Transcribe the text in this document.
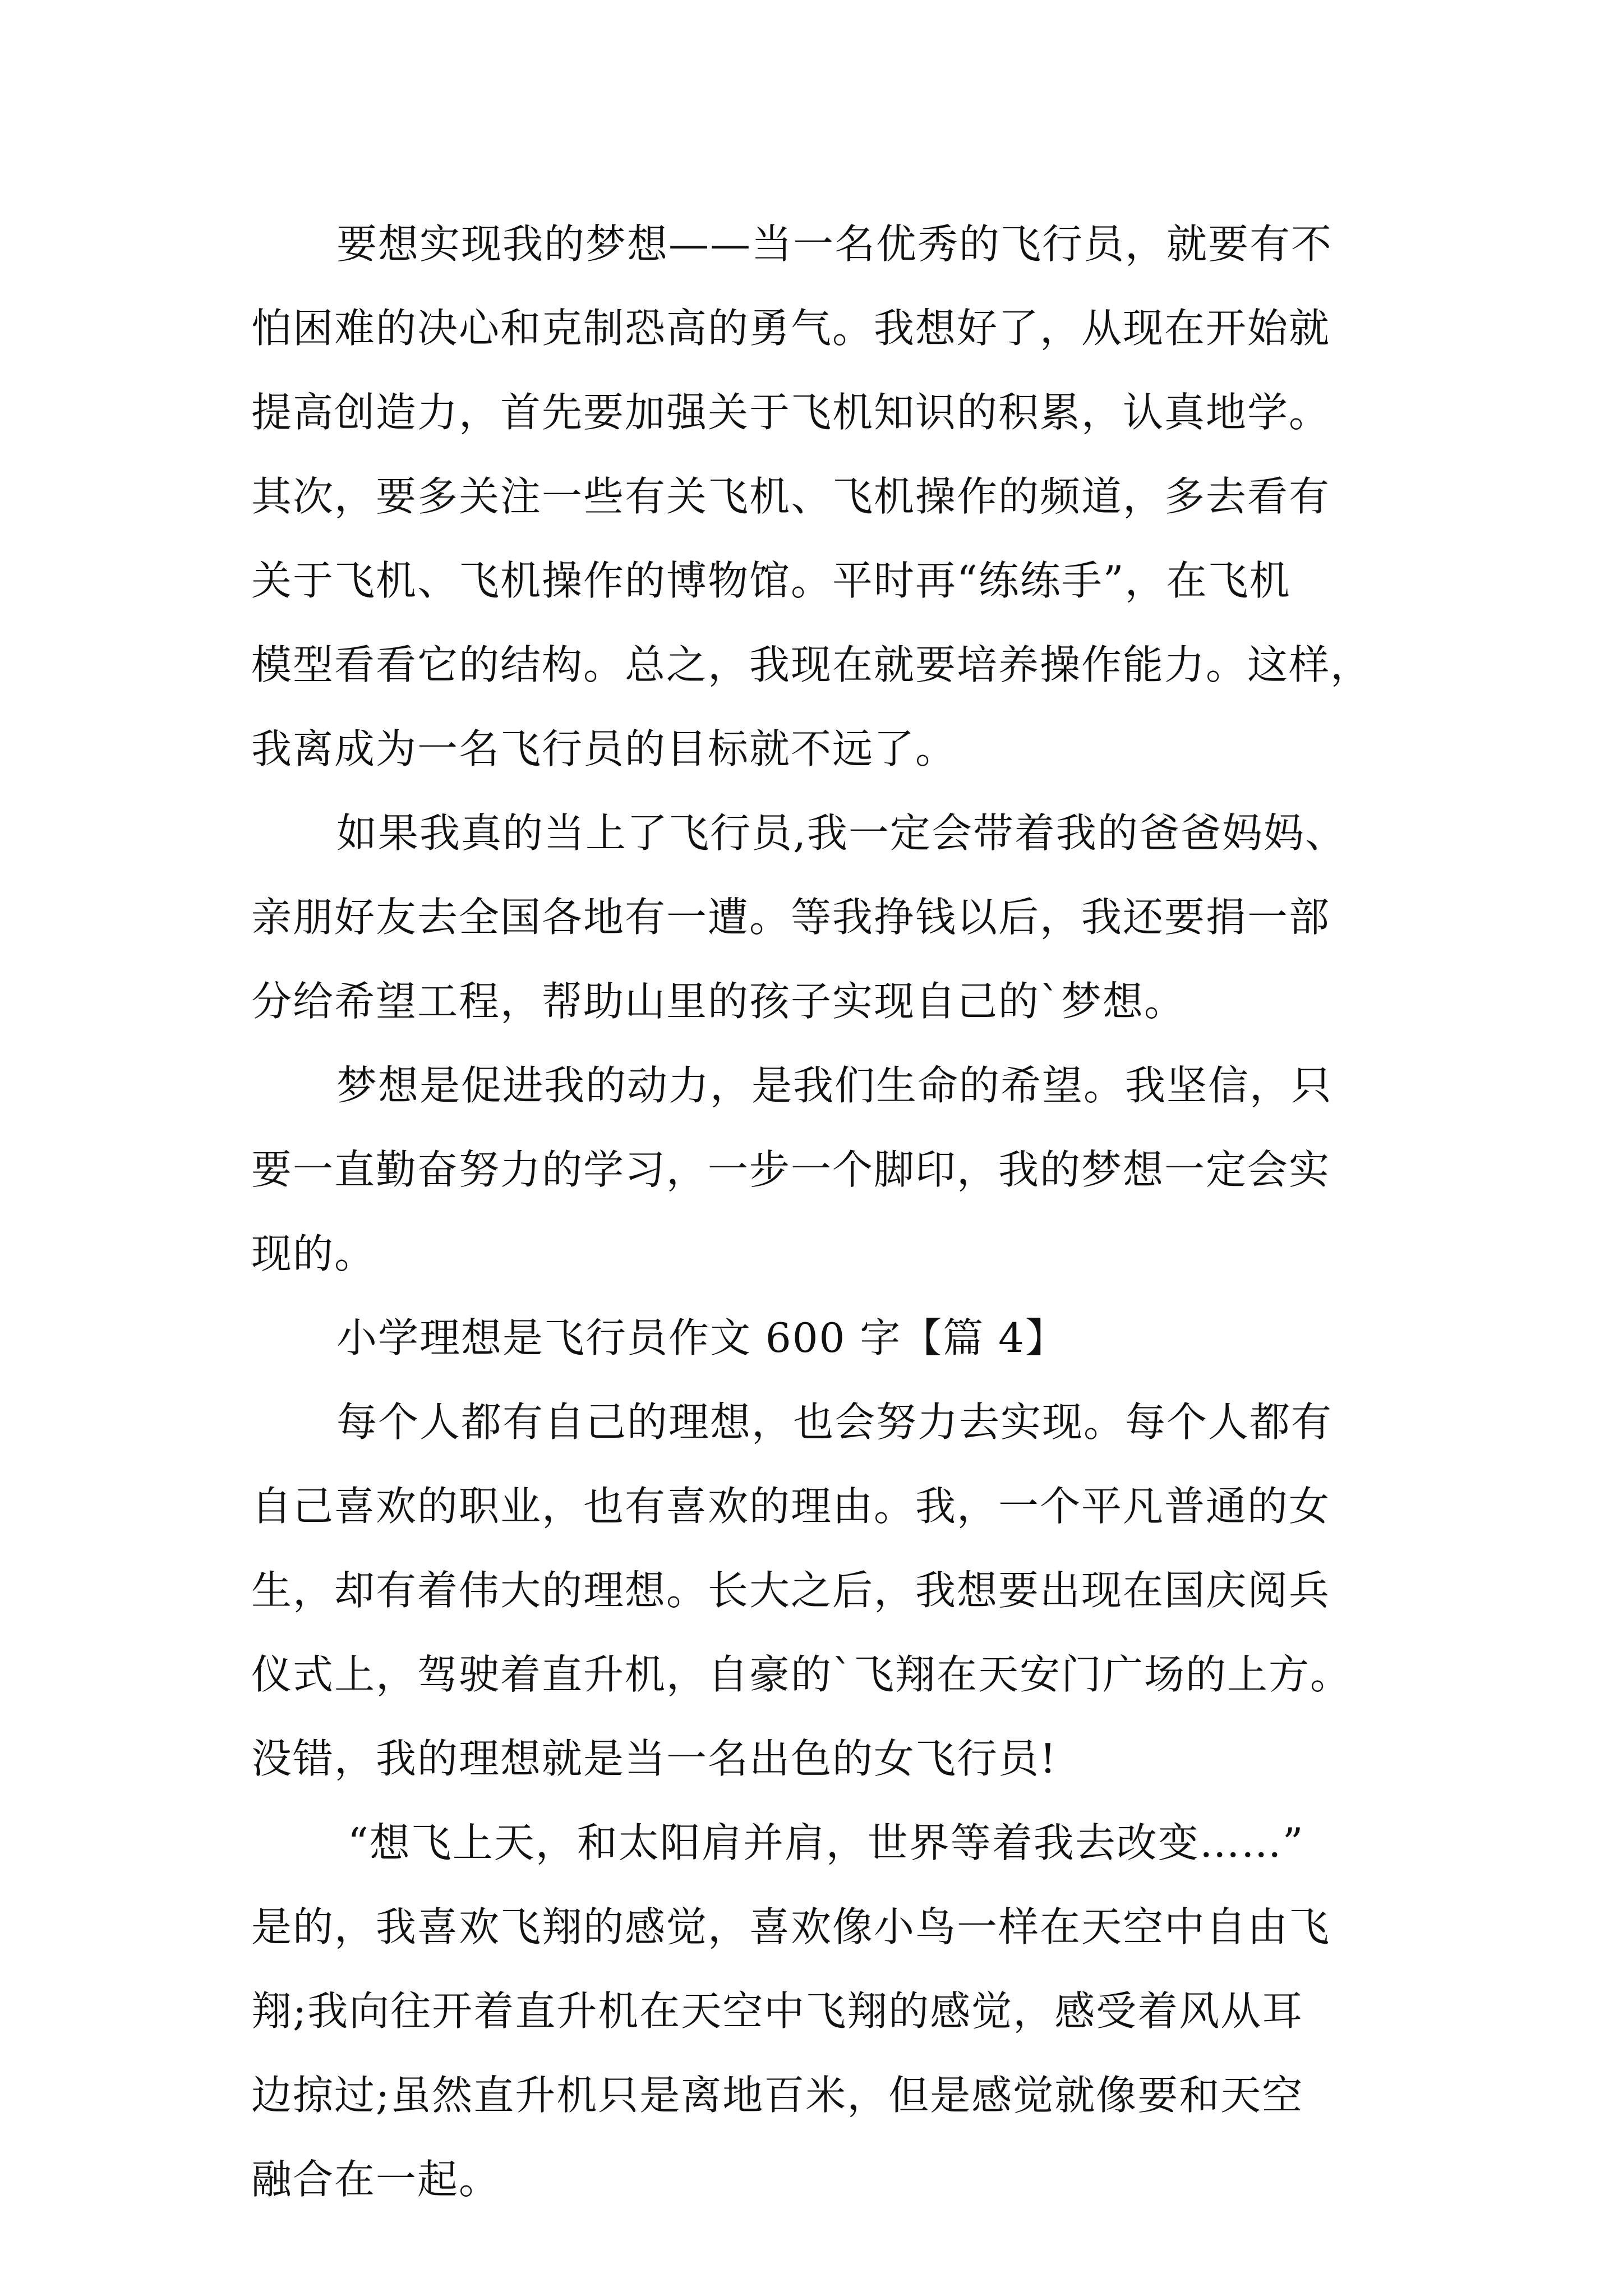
要想实现我的梦想——当一名优秀的飞行员，就要有不
怕困难的决心和克制恐高的勇气。我想好了，从现在开始就
提高创造力，首先要加强关于飞机知识的积累，认真地学。
其次，要多关注一些有关飞机、飞机操作的频道，多去看有
关于飞机、飞机操作的博物馆。平时再“练练手”，在飞机
模型看看它的结构。总之，我现在就要培养操作能力。这样，
我离成为一名飞行员的目标就不远了。
如果我真的当上了飞行员,我一定会带着我的爸爸妈妈、
亲朋好友去全国各地有一遭。等我挣钱以后，我还要捐一部
分给希望工程，帮助山里的孩子实现自己的`梦想。
梦想是促进我的动力，是我们生命的希望。我坚信，只
要一直勤奋努力的学习，一步一个脚印，我的梦想一定会实
现的。
小学理想是飞行员作文 600 字【篇 4】
每个人都有自己的理想，也会努力去实现。每个人都有
自己喜欢的职业，也有喜欢的理由。我，一个平凡普通的女
生，却有着伟大的理想。长大之后，我想要出现在国庆阅兵
仪式上，驾驶着直升机，自豪的`飞翔在天安门广场的上方。
没错，我的理想就是当一名出色的女飞行员!
“想飞上天，和太阳肩并肩，世界等着我去改变……”
是的，我喜欢飞翔的感觉，喜欢像小鸟一样在天空中自由飞
翔;我向往开着直升机在天空中飞翔的感觉，感受着风从耳
边掠过;虽然直升机只是离地百米，但是感觉就像要和天空
融合在一起。
